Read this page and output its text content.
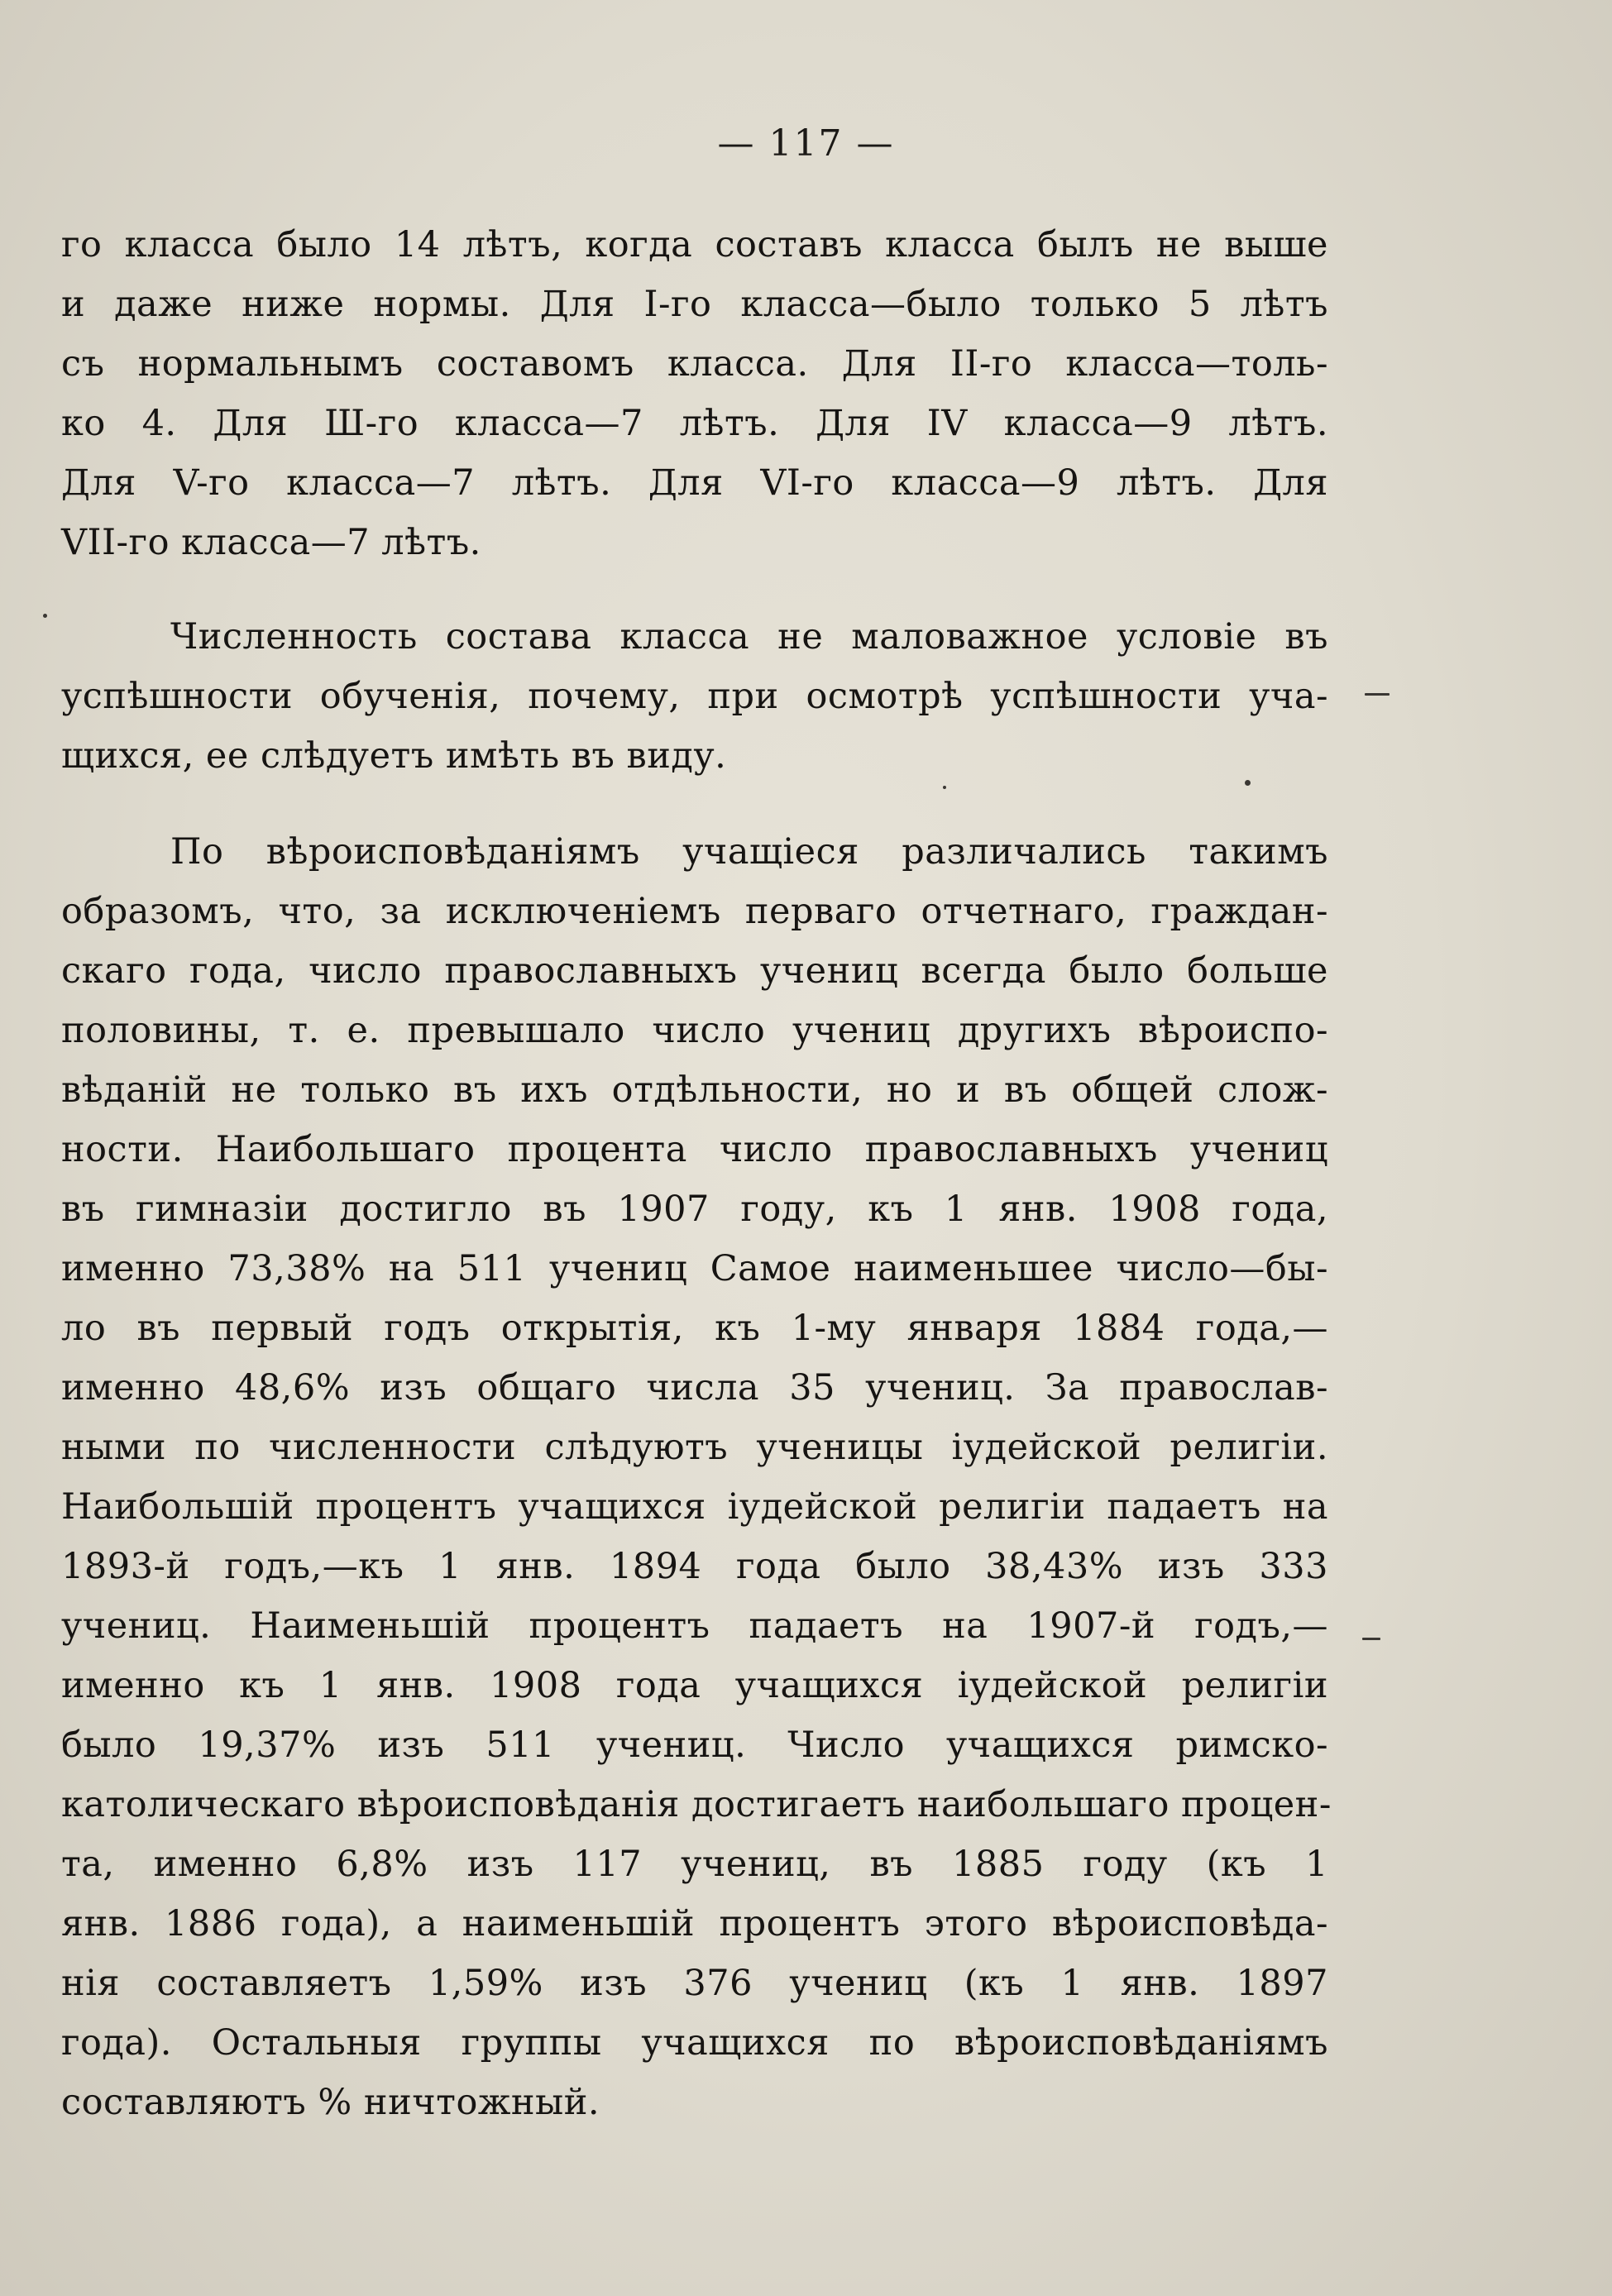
— 117 —
го класса было 14 лѣтъ, когда составъ класса былъ не выше
и даже ниже нормы. Для I-го класса—было только 5 лѣтъ
съ нормальнымъ составомъ класса. Для II-го класса—толь-
ко 4. Для Ш-го класса—7 лѣтъ. Для IV класса—9 лѣтъ.
Для V-го класса—7 лѣтъ. Для VI-го класса—9 лѣтъ. Для
VII-го класса—7 лѣтъ.
Численность состава класса не маловажное условіе въ
успѣшности обученія, почему, при осмотрѣ успѣшности уча-
щихся, ее слѣдуетъ имѣть въ виду.
По вѣроисповѣданіямъ учащіеся различались такимъ
образомъ, что, за исключеніемъ перваго отчетнаго, граждан-
скаго года, число православныхъ учениц всегда было больше
половины, т. е. превышало число учениц другихъ вѣроиспо-
вѣданій не только въ ихъ отдѣльности, но и въ общей слож-
ности. Наибольшаго процента число православныхъ учениц
въ гимназіи достигло въ 1907 году, къ 1 янв. 1908 года,
именно 73,38% на 511 учениц Самое наименьшее число—бы-
ло въ первый годъ открытія, къ 1-му января 1884 года,—
именно 48,6% изъ общаго числа 35 учениц. За православ-
ными по численности слѣдуютъ ученицы іудейской религіи.
Наибольшій процентъ учащихся іудейской религіи падаетъ на
1893-й годъ,—къ 1 янв. 1894 года было 38,43% изъ 333
учениц. Наименьшій процентъ падаетъ на 1907-й годъ,—
именно къ 1 янв. 1908 года учащихся іудейской религіи
было 19,37% изъ 511 учениц. Число учащихся римско-
католическаго вѣроисповѣданія достигаетъ наибольшаго процен-
та, именно 6,8% изъ 117 учениц, въ 1885 году (къ 1
янв. 1886 года), а наименьшій процентъ этого вѣроисповѣда-
нія составляетъ 1,59% изъ 376 учениц (къ 1 янв. 1897
года). Остальныя группы учащихся по вѣроисповѣданіямъ
составляютъ % ничтожный.
